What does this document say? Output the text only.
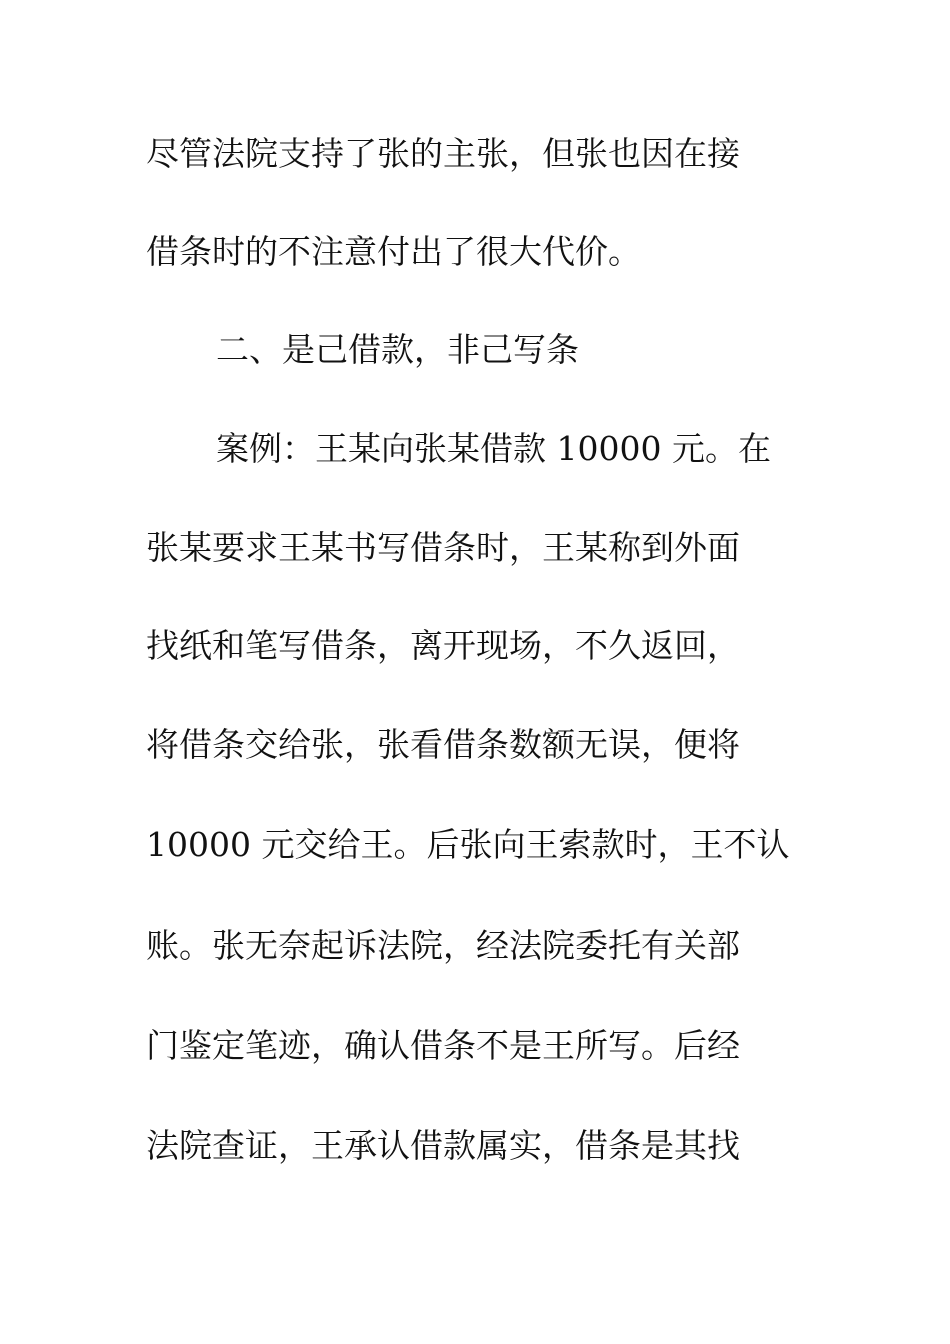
尽管法院支持了张的主张，但张也因在接
借条时的不注意付出了很大代价。
二、是己借款，非己写条
案例：王某向张某借款 10000 元。在
张某要求王某书写借条时，王某称到外面
找纸和笔写借条，离开现场，不久返回，
将借条交给张，张看借条数额无误，便将
10000 元交给王。后张向王索款时，王不认
账。张无奈起诉法院，经法院委托有关部
门鉴定笔迹，确认借条不是王所写。后经
法院查证，王承认借款属实，借条是其找
